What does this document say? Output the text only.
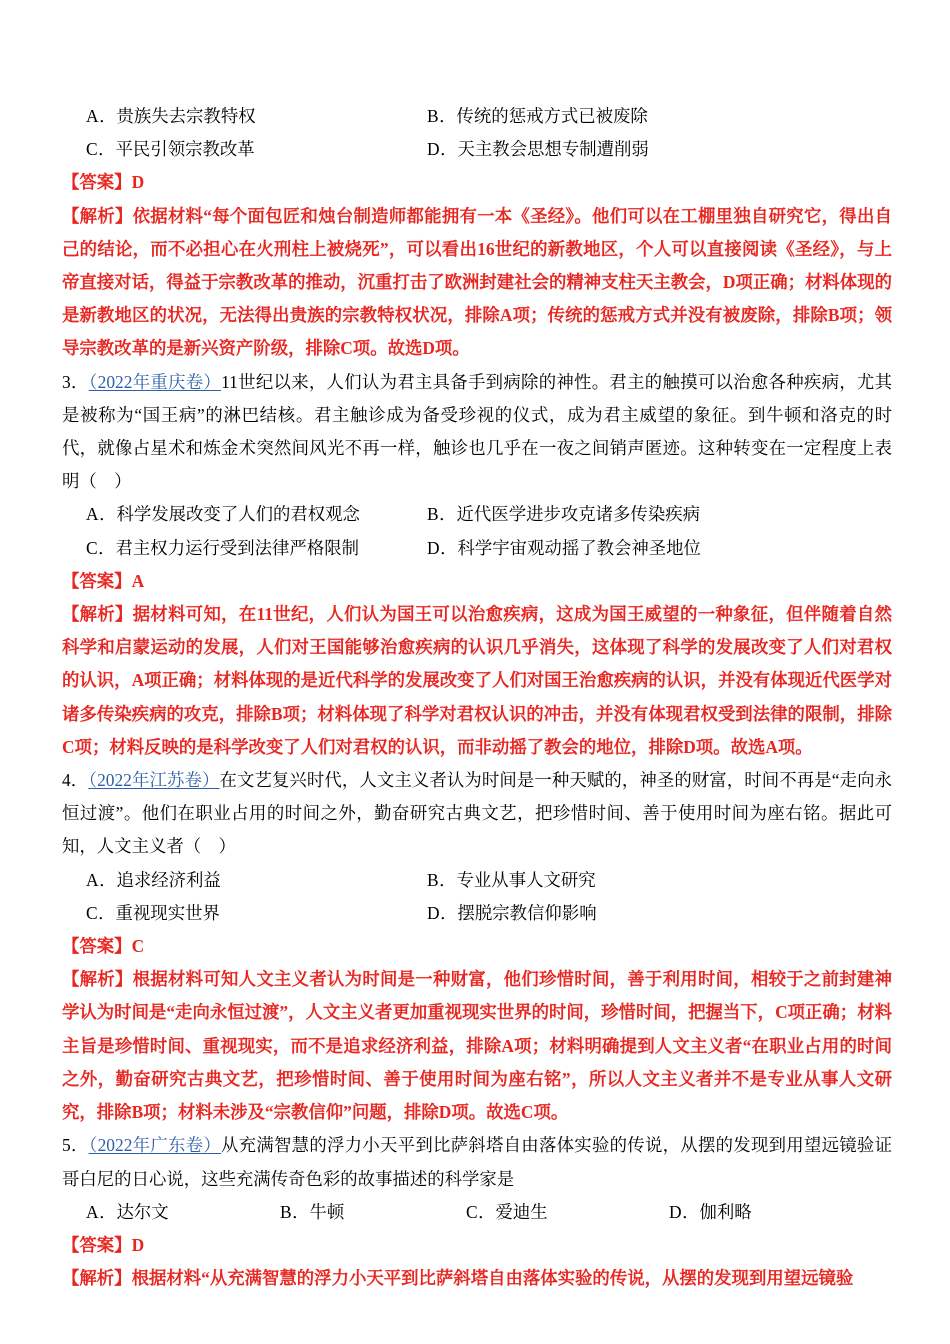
A．贵族失去宗教特权	B．传统的惩戒方式已被废除
C．平民引领宗教改革	D．天主教会思想专制遭削弱
【答案】D
【解析】依据材料“每个面包匠和烛台制造师都能拥有一本《圣经》。他们可以在工棚里独自研究它，得出自己的结论，而不必担心在火刑柱上被烧死”，可以看出16世纪的新教地区，个人可以直接阅读《圣经》，与上帝直接对话，得益于宗教改革的推动，沉重打击了欧洲封建社会的精神支柱天主教会，D项正确；材料体现的是新教地区的状况，无法得出贵族的宗教特权状况，排除A项；传统的惩戒方式并没有被废除，排除B项；领导宗教改革的是新兴资产阶级，排除C项。故选D项。
3．（2022年重庆卷）11世纪以来，人们认为君主具备手到病除的神性。君主的触摸可以治愈各种疾病，尤其是被称为“国王病”的淋巴结核。君主触诊成为备受珍视的仪式，成为君主威望的象征。到牛顿和洛克的时代，就像占星术和炼金术突然间风光不再一样，触诊也几乎在一夜之间销声匿迹。这种转变在一定程度上表明（　）
A．科学发展改变了人们的君权观念	B．近代医学进步攻克诸多传染疾病
C．君主权力运行受到法律严格限制	D．科学宇宙观动摇了教会神圣地位
【答案】A
【解析】据材料可知，在11世纪，人们认为国王可以治愈疾病，这成为国王威望的一种象征，但伴随着自然科学和启蒙运动的发展，人们对王国能够治愈疾病的认识几乎消失，这体现了科学的发展改变了人们对君权的认识，A项正确；材料体现的是近代科学的发展改变了人们对国王治愈疾病的认识，并没有体现近代医学对诸多传染疾病的攻克，排除B项；材料体现了科学对君权认识的冲击，并没有体现君权受到法律的限制，排除C项；材料反映的是科学改变了人们对君权的认识，而非动摇了教会的地位，排除D项。故选A项。
4．（2022年江苏卷）在文艺复兴时代，人文主义者认为时间是一种天赋的，神圣的财富，时间不再是“走向永恒过渡”。他们在职业占用的时间之外，勤奋研究古典文艺，把珍惜时间、善于使用时间为座右铭。据此可知，人文主义者（　）
A．追求经济利益	B．专业从事人文研究
C．重视现实世界	D．摆脱宗教信仰影响
【答案】C
【解析】根据材料可知人文主义者认为时间是一种财富，他们珍惜时间，善于利用时间，相较于之前封建神学认为时间是“走向永恒过渡”，人文主义者更加重视现实世界的时间，珍惜时间，把握当下，C项正确；材料主旨是珍惜时间、重视现实，而不是追求经济利益，排除A项；材料明确提到人文主义者“在职业占用的时间之外，勤奋研究古典文艺，把珍惜时间、善于使用时间为座右铭”，所以人文主义者并不是专业从事人文研究，排除B项；材料未涉及“宗教信仰”问题，排除D项。故选C项。
5．（2022年广东卷）从充满智慧的浮力小天平到比萨斜塔自由落体实验的传说，从摆的发现到用望远镜验证哥白尼的日心说，这些充满传奇色彩的故事描述的科学家是
A．达尔文	B．牛顿	C．爱迪生	D．伽利略
【答案】D
【解析】根据材料“从充满智慧的浮力小天平到比萨斜塔自由落体实验的传说，从摆的发现到用望远镜验
